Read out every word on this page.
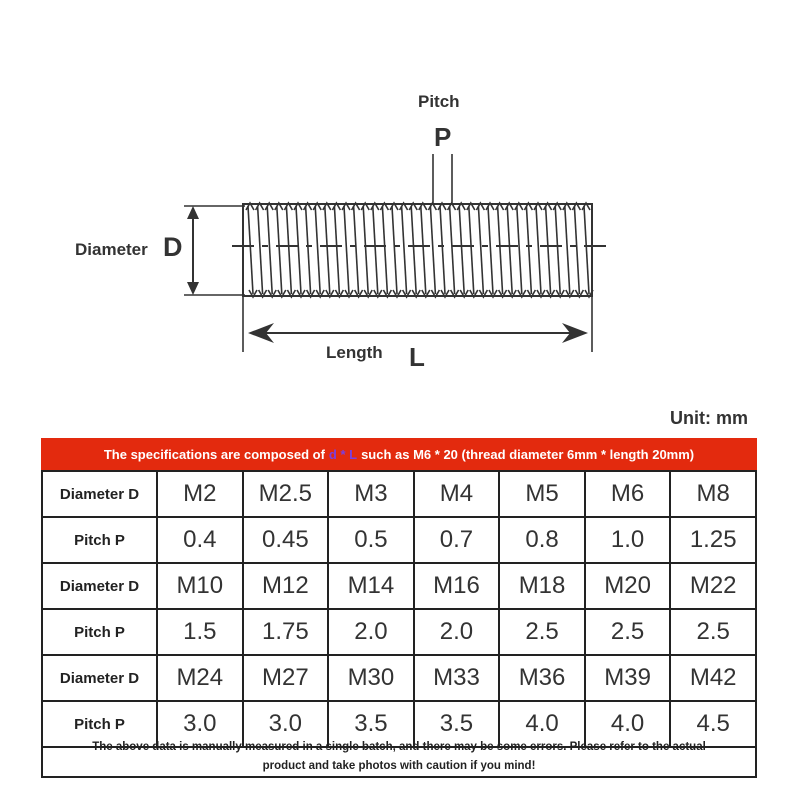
Pitch
P
Diameter D
Length L
Unit: mm
The specifications are composed of d * L such as M6 * 20 (thread diameter 6mm * length 20mm)
Diameter D	M2	M2.5	M3	M4	M5	M6	M8
Pitch P	0.4	0.45	0.5	0.7	0.8	1.0	1.25
Diameter D	M10	M12	M14	M16	M18	M20	M22
Pitch P	1.5	1.75	2.0	2.0	2.5	2.5	2.5
Diameter D	M24	M27	M30	M33	M36	M39	M42
Pitch P	3.0	3.0	3.5	3.5	4.0	4.0	4.5
The above data is manually measured in a single batch, and there may be some errors. Please refer to the actual
product and take photos with caution if you mind!
